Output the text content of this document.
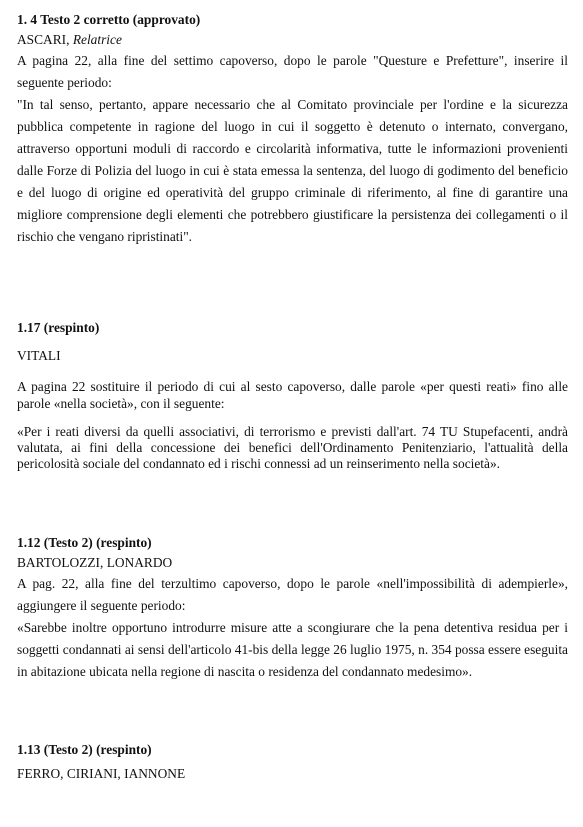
1. 4 Testo 2 corretto (approvato)
ASCARI, Relatrice

A pagina 22, alla fine del settimo capoverso, dopo le parole "Questure e Prefetture", inserire il seguente periodo:

"In tal senso, pertanto, appare necessario che al Comitato provinciale per l'ordine e la sicurezza pubblica competente in ragione del luogo in cui il soggetto è detenuto o internato, convergano, attraverso opportuni moduli di raccordo e circolarità informativa, tutte le informazioni provenienti dalle Forze di Polizia del luogo in cui è stata emessa la sentenza, del luogo di godimento del beneficio e del luogo di origine ed operatività del gruppo criminale di riferimento, al fine di garantire una migliore comprensione degli elementi che potrebbero giustificare la persistenza dei collegamenti o il rischio che vengano ripristinati".

1.17 (respinto)
VITALI

A pagina 22 sostituire il periodo di cui al sesto capoverso, dalle parole «per questi reati» fino alle parole «nella società», con il seguente:

«Per i reati diversi da quelli associativi, di terrorismo e previsti dall'art. 74 TU Stupefacenti, andrà valutata, ai fini della concessione dei benefici dell'Ordinamento Penitenziario, l'attualità della pericolosità sociale del condannato ed i rischi connessi ad un reinserimento nella società».

1.12 (Testo 2) (respinto)
BARTOLOZZI, LONARDO

A pag. 22, alla fine del terzultimo capoverso, dopo le parole «nell'impossibilità di adempierle», aggiungere il seguente periodo:

«Sarebbe inoltre opportuno introdurre misure atte a scongiurare che la pena detentiva residua per i soggetti condannati ai sensi dell'articolo 41-bis della legge 26 luglio 1975, n. 354 possa essere eseguita in abitazione ubicata nella regione di nascita o residenza del condannato medesimo».

1.13 (Testo 2) (respinto)
FERRO, CIRIANI, IANNONE
